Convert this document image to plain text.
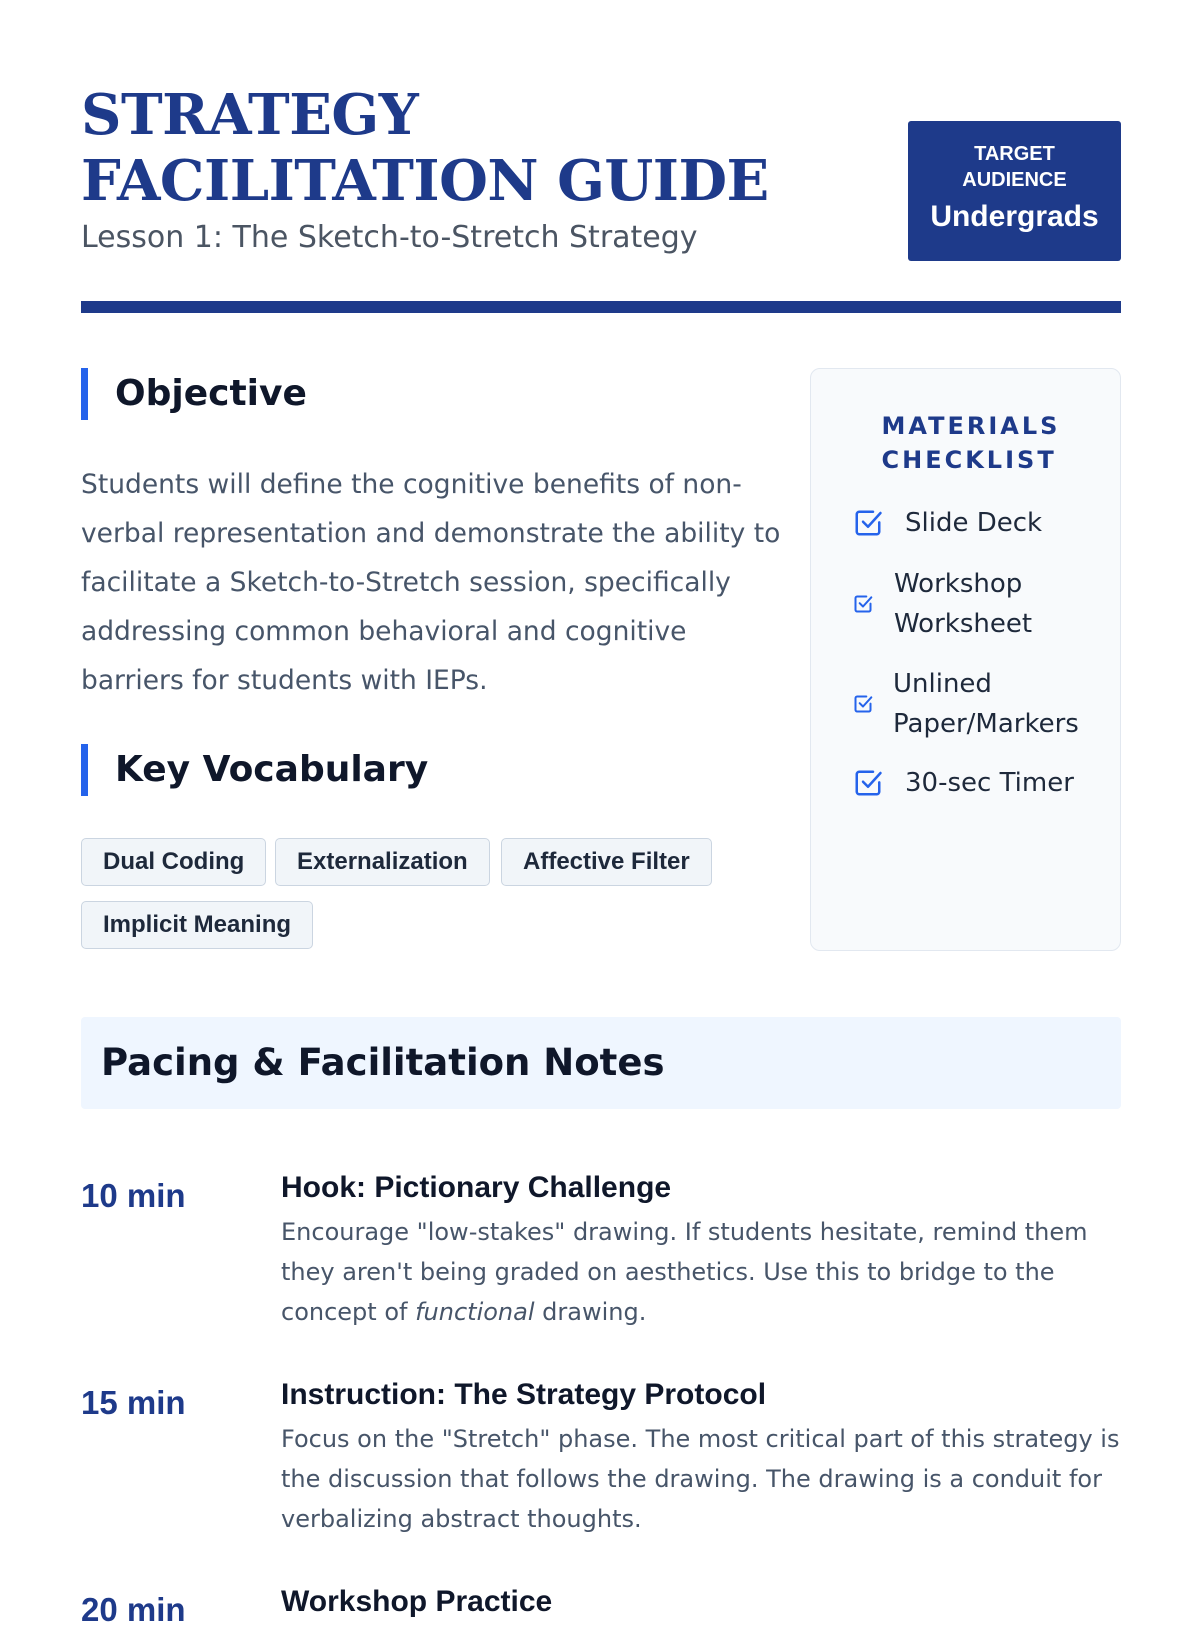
STRATEGY FACILITATION GUIDE

Lesson 1: The Sketch-to-Stretch Strategy

TARGET AUDIENCE
Undergrads
Objective

Students will define the cognitive benefits of non-verbal representation and demonstrate the ability to facilitate a Sketch-to-Stretch session, specifically addressing common behavioral and cognitive barriers for students with IEPs.

Key Vocabulary
Dual Coding	Externalization	Affective Filter
Implicit Meaning
MATERIALS CHECKLIST
Slide Deck
Workshop Worksheet
Unlined Paper/Markers
30-sec Timer
Pacing & Facilitation Notes
10 min	Hook: Pictionary Challenge

Encourage "low-stakes" drawing. If students hesitate, remind them they aren't being graded on aesthetics. Use this to bridge to the concept of functional drawing.

15 min	Instruction: The Strategy Protocol

Focus on the "Stretch" phase. The most critical part of this strategy is the discussion that follows the drawing. The drawing is a conduit for verbalizing abstract thoughts.

20 min	Workshop Practice
